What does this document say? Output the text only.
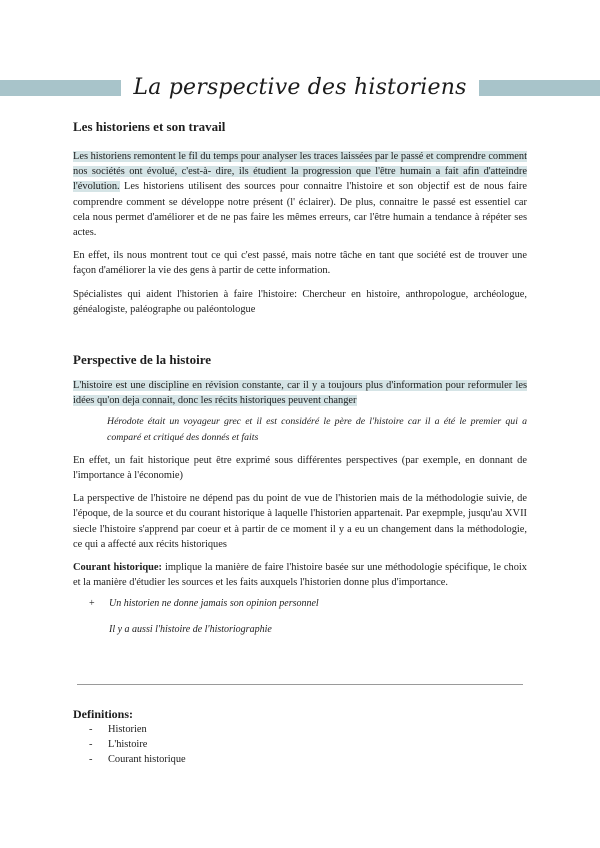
La perspective des historiens
Les historiens et son travail

Les historiens remontent le fil du temps pour analyser les traces laissées par le passé et comprendre comment nos sociétés ont évolué, c'est-à- dire, ils étudient la progression que l'être humain a fait afin d'atteindre l'évolution. Les historiens utilisent des sources pour connaitre l'histoire et son objectif est de nous faire comprendre comment se développe notre présent (l' éclairer). De plus, connaitre le passé est essentiel car cela nous permet d'améliorer et de ne pas faire les mêmes erreurs, car l'être humain a tendance à répéter ses actes.

En effet, ils nous montrent tout ce qui c'est passé, mais notre tâche en tant que société est de trouver une façon d'améliorer la vie des gens à partir de cette information.

Spécialistes qui aident l'historien à faire l'histoire: Chercheur en histoire, anthropologue, archéologue, généalogiste, paléographe ou paléontologue

Perspective de la histoire

L'histoire est une discipline en révision constante, car il y a toujours plus d'information pour reformuler les idées qu'on deja connait, donc les récits historiques peuvent changer

Hérodote était un voyageur grec et il est considéré le père de l'histoire car il a été le premier qui a comparé et critiqué des donnés et faits

En effet, un fait historique peut être exprimé sous différentes perspectives (par exemple, en donnant de l'importance à l'économie)

La perspective de l'histoire ne dépend pas du point de vue de l'historien mais de la méthodologie suivie, de l'époque, de la source et du courant historique à laquelle l'historien appartenait. Par exepmple, jusqu'au XVII siecle l'histoire s'apprend par coeur et à partir de ce moment il y a eu un changement dans la méthodologie, ce qui a affecté aux récits historiques

Courant historique: implique la manière de faire l'histoire basée sur une méthodologie spécifique, le choix et la manière d'étudier les sources et les faits auxquels l'historien donne plus d'importance.

+ Un historien ne donne jamais son opinion personnel
Il y a aussi l'histoire de l'historiographie
Definitions:
- Historien
- L'histoire
- Courant historique
